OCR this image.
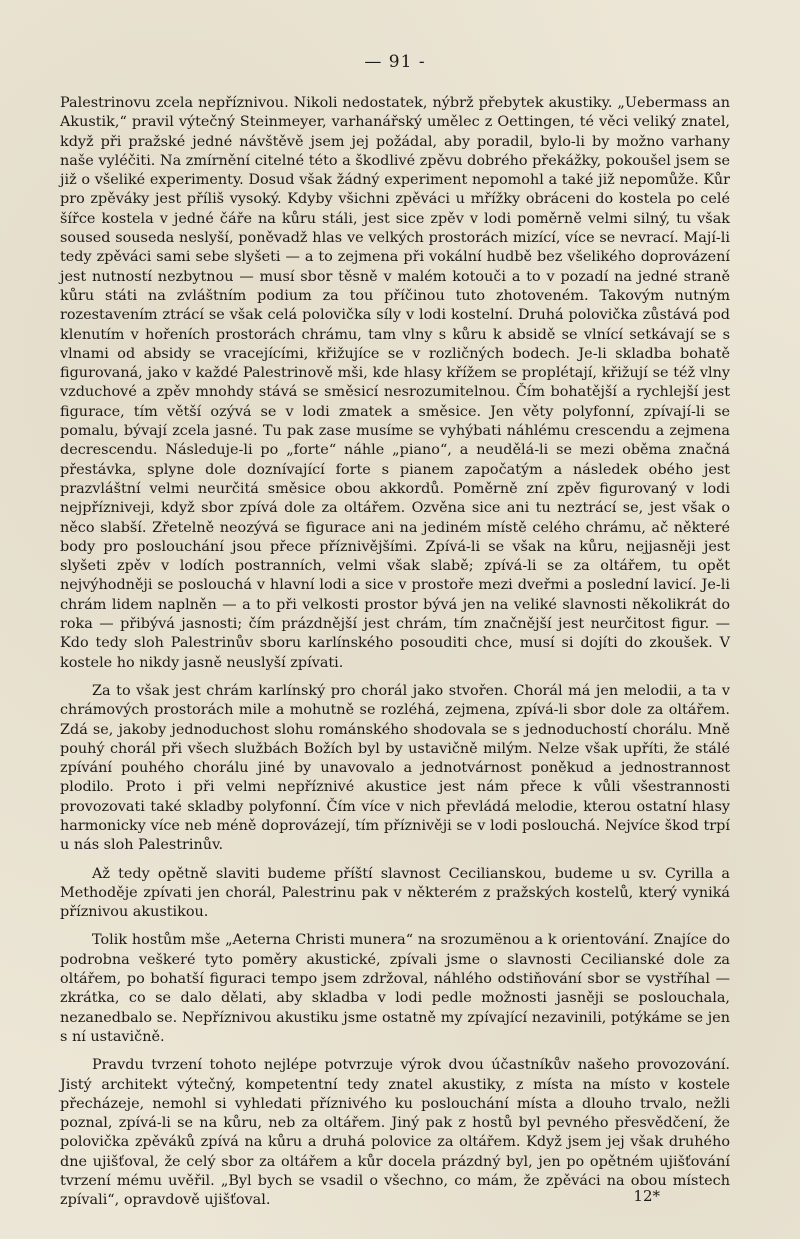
— 91 -

Palestrinovu zcela nepříznivou. Nikoli nedostatek, nýbrž přebytek akustiky. „Uebermass an Akustik,“ pravil výtečný Steinmeyer, varhanářský umělec z Oettingen, té věci veliký znatel, když při pražské jedné návštěvě jsem jej požádal, aby poradil, bylo-li by možno varhany naše vyléčiti. Na zmírnění citelné této a škodlivé zpěvu dobrého překážky, pokoušel jsem se již o všeliké experimenty. Dosud však žádný experiment nepomohl a také již nepomůže. Kůr pro zpěváky jest příliš vysoký. Kdyby všichni zpěváci u mřížky obráceni do kostela po celé šířce kostela v jedné čáře na kůru stáli, jest sice zpěv v lodi poměrně velmi silný, tu však soused souseda neslyší, poněvadž hlas ve velkých prostorách mizící, více se nevrací. Mají-li tedy zpěváci sami sebe slyšeti — a to zejmena při vokální hudbě bez všelikého doprovázení jest nutností nezbytnou — musí sbor těsně v malém kotouči a to v pozadí na jedné straně kůru státi na zvláštním podium za tou příčinou tuto zhotoveném. Takovým nutným rozestavením ztrácí se však celá polovička síly v lodi kostelní. Druhá polovička zůstává pod klenutím v hořeních prostorách chrámu, tam vlny s kůru k absidě se vlnící setkávají se s vlnami od absidy se vracejícími, křižujíce se v rozličných bodech. Je-li skladba bohatě figurovaná, jako v každé Palestrinově mši, kde hlasy křížem se proplétají, křižují se též vlny vzduchové a zpěv mnohdy stává se směsicí nesrozumitelnou. Čím bohatější a rychlejší jest figurace, tím větší ozývá se v lodi zmatek a směsice. Jen věty polyfonní, zpívají-li se pomalu, bývají zcela jasné. Tu pak zase musíme se vyhýbati náhlému crescendu a zejmena decrescendu. Následuje-li po „forte“ náhle „piano“, a neudělá-li se mezi oběma značná přestávka, splyne dole doznívající forte s pianem započatým a následek obého jest prazvláštní velmi neurčitá směsice obou akkordů. Poměrně zní zpěv figurovaný v lodi nejpřízniveji, když sbor zpívá dole za oltářem. Ozvěna sice ani tu neztrácí se, jest však o něco slabší. Zřetelně neozývá se figurace ani na jediném místě celého chrámu, ač některé body pro poslouchání jsou přece příznivějšími. Zpívá-li se však na kůru, nejjasněji jest slyšeti zpěv v lodích postranních, velmi však slabě; zpívá-li se za oltářem, tu opět nejvýhodněji se poslouchá v hlavní lodi a sice v prostoře mezi dveřmi a poslední lavicí. Je-li chrám lidem naplněn — a to při velkosti prostor bývá jen na veliké slavnosti několikrát do roka — přibývá jasnosti; čím prázdnější jest chrám, tím značnější jest neurčitost figur. — Kdo tedy sloh Palestrinův sboru karlínského posouditi chce, musí si dojíti do zkoušek. V kostele ho nikdy jasně neuslyší zpívati.

Za to však jest chrám karlínský pro chorál jako stvořen. Chorál má jen melodii, a ta v chrámových prostorách mile a mohutně se rozléhá, zejmena, zpívá-li sbor dole za oltářem. Zdá se, jakoby jednoduchost slohu románského shodovala se s jednoduchostí chorálu. Mně pouhý chorál při všech službách Božích byl by ustavičně milým. Nelze však upříti, že stálé zpívání pouhého chorálu jiné by unavovalo a jednotvárnost poněkud a jednostrannost plodilo. Proto i při velmi nepříznivé akustice jest nám přece k vůli všestrannosti provozovati také skladby polyfonní. Čím více v nich převládá melodie, kterou ostatní hlasy harmonicky více neb méně doprovázejí, tím příznivěji se v lodi poslouchá. Nejvíce škod trpí u nás sloh Palestrinův.

Až tedy opětně slaviti budeme příští slavnost Cecilianskou, budeme u sv. Cyrilla a Methoděje zpívati jen chorál, Palestrinu pak v některém z pražských kostelů, který vyniká příznivou akustikou.

Tolik hostům mše „Aeterna Christi munera“ na srozumënou a k orientování. Znajíce do podrobna veškeré tyto poměry akustické, zpívali jsme o slavnosti Cecilianské dole za oltářem, po bohatší figuraci tempo jsem zdržoval, náhlého odstiňování sbor se vystříhal — zkrátka, co se dalo dělati, aby skladba v lodi pedle možnosti jasněji se poslouchala, nezanedbalo se. Nepříznivou akustiku jsme ostatně my zpívající nezavinili, potýkáme se jen s ní ustavičně.

Pravdu tvrzení tohoto nejlépe potvrzuje výrok dvou účastníkův našeho provozování. Jistý architekt výtečný, kompetentní tedy znatel akustiky, z místa na místo v kostele přecházeje, nemohl si vyhledati příznivého ku poslouchání místa a dlouho trvalo, nežli poznal, zpívá-li se na kůru, neb za oltářem. Jiný pak z hostů byl pevného přesvědčení, že polovička zpěváků zpívá na kůru a druhá polovice za oltářem. Když jsem jej však druhého dne ujišťoval, že celý sbor za oltářem a kůr docela prázdný byl, jen po opětném ujišťování tvrzení mému uvěřil. „Byl bych se vsadil o všechno, co mám, že zpěváci na obou místech zpívali“, opravdově ujišťoval.	12*
